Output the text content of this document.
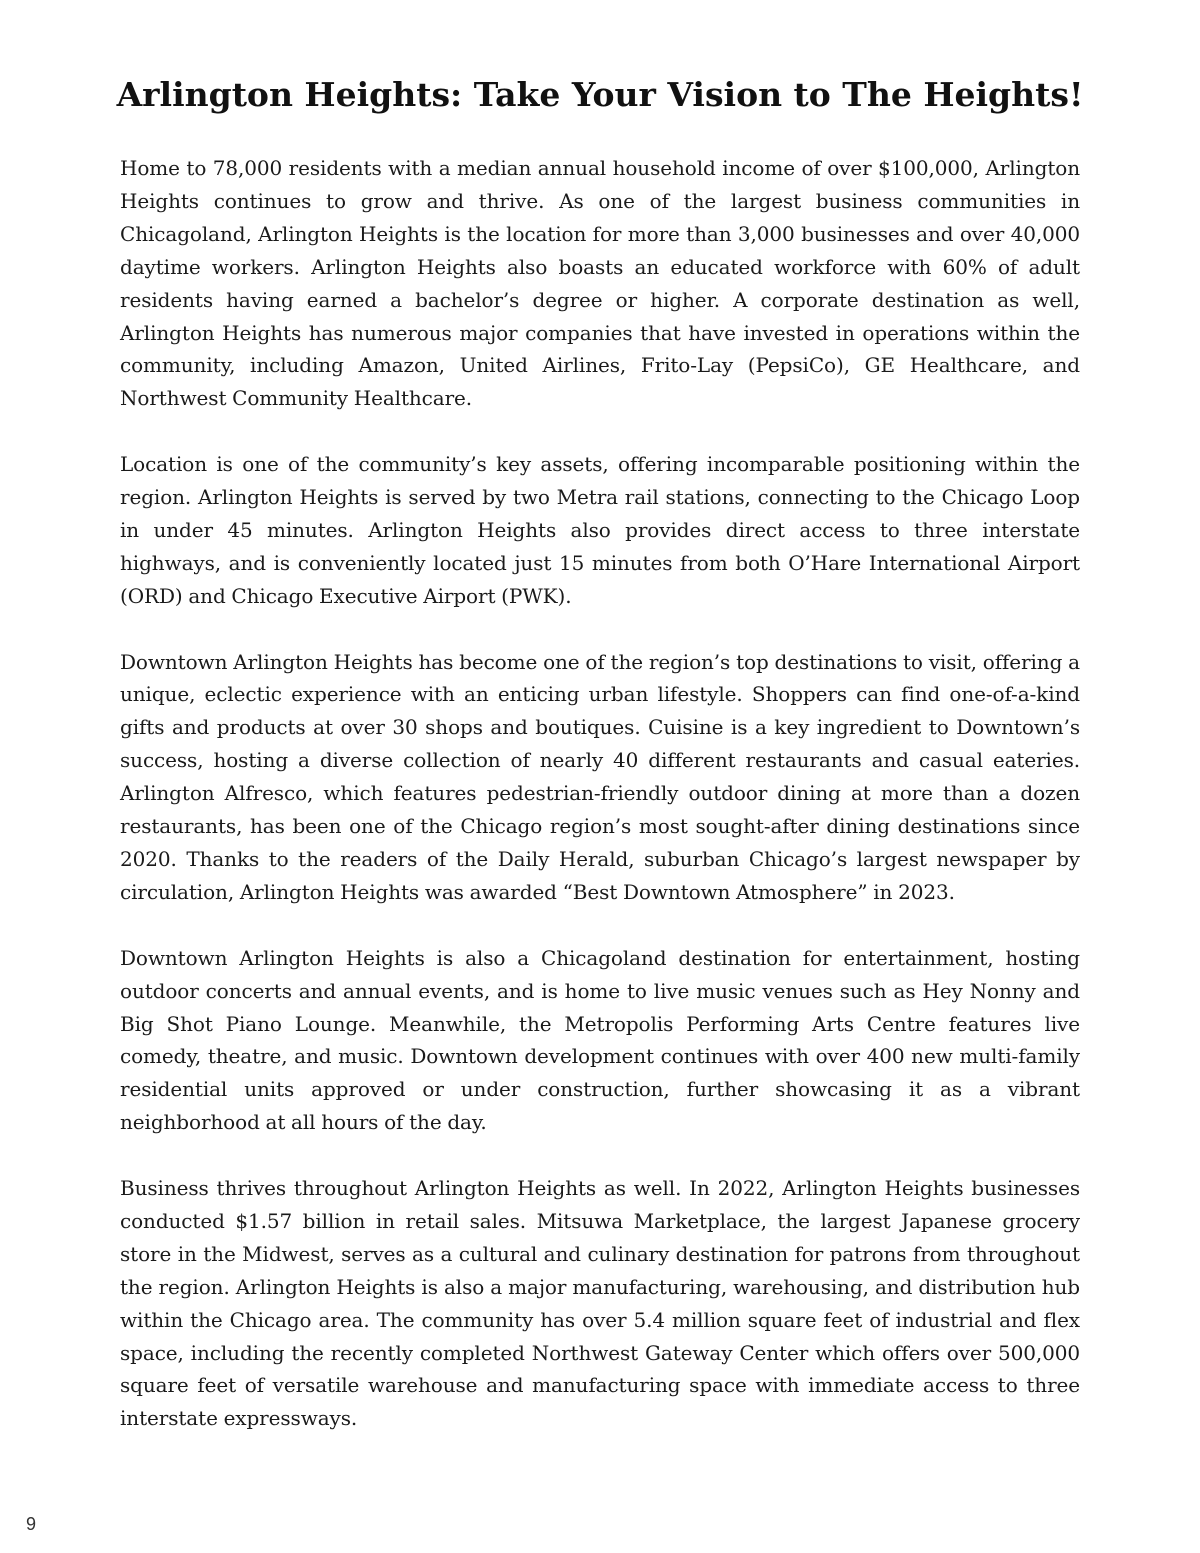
Arlington Heights: Take Your Vision to The Heights!

Home to 78,000 residents with a median annual household income of over $100,000, Arlington Heights continues to grow and thrive. As one of the largest business communities in Chicagoland, Arlington Heights is the location for more than 3,000 businesses and over 40,000 daytime workers. Arlington Heights also boasts an educated workforce with 60% of adult residents having earned a bachelor’s degree or higher. A corporate destination as well, Arlington Heights has numerous major companies that have invested in operations within the community, including Amazon, United Airlines, Frito-Lay (PepsiCo), GE Healthcare, and Northwest Community Healthcare.

Location is one of the community’s key assets, offering incomparable positioning within the region. Arlington Heights is served by two Metra rail stations, connecting to the Chicago Loop in under 45 minutes. Arlington Heights also provides direct access to three interstate highways, and is conveniently located just 15 minutes from both O’Hare International Airport (ORD) and Chicago Executive Airport (PWK).

Downtown Arlington Heights has become one of the region’s top destinations to visit, offering a unique, eclectic experience with an enticing urban lifestyle. Shoppers can find one-of-a-kind gifts and products at over 30 shops and boutiques. Cuisine is a key ingredient to Downtown’s success, hosting a diverse collection of nearly 40 different restaurants and casual eateries. Arlington Alfresco, which features pedestrian-friendly outdoor dining at more than a dozen restaurants, has been one of the Chicago region’s most sought-after dining destinations since 2020. Thanks to the readers of the Daily Herald, suburban Chicago’s largest newspaper by circulation, Arlington Heights was awarded “Best Downtown Atmosphere” in 2023.

Downtown Arlington Heights is also a Chicagoland destination for entertainment, hosting outdoor concerts and annual events, and is home to live music venues such as Hey Nonny and Big Shot Piano Lounge. Meanwhile, the Metropolis Performing Arts Centre features live comedy, theatre, and music. Downtown development continues with over 400 new multi-family residential units approved or under construction, further showcasing it as a vibrant neighborhood at all hours of the day.

Business thrives throughout Arlington Heights as well. In 2022, Arlington Heights businesses conducted $1.57 billion in retail sales. Mitsuwa Marketplace, the largest Japanese grocery store in the Midwest, serves as a cultural and culinary destination for patrons from throughout the region. Arlington Heights is also a major manufacturing, warehousing, and distribution hub within the Chicago area. The community has over 5.4 million square feet of industrial and flex space, including the recently completed Northwest Gateway Center which offers over 500,000 square feet of versatile warehouse and manufacturing space with immediate access to three interstate expressways.

9
